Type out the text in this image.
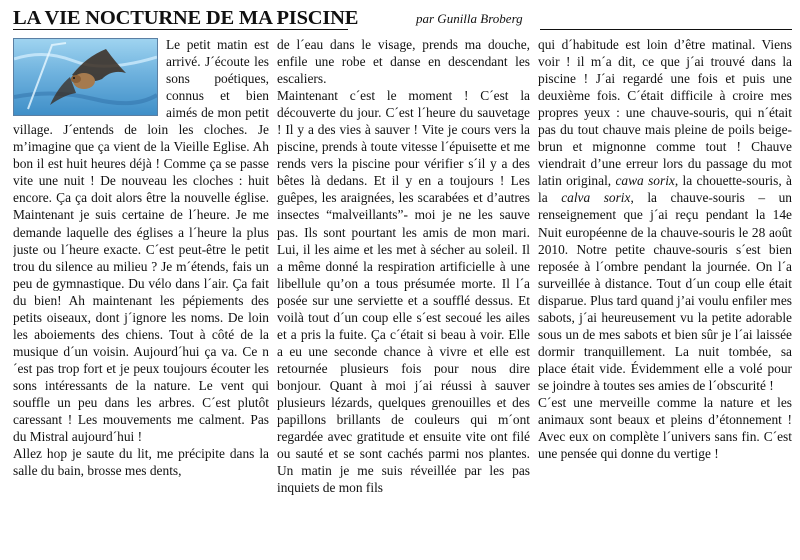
LA VIE NOCTURNE DE MA PISCINE	par Gunilla Broberg

Le petit matin est arrivé. J´écoute les sons poétiques, connus et bien aimés de mon petit village. J´entends de loin les cloches. Je m’imagine que ça vient de la Vieille Eglise. Ah bon il est huit heures déjà ! Comme ça se passe vite une nuit ! De nouveau les cloches : huit encore. Ça ça doit alors être la nouvelle église. Maintenant je suis certaine de l´heure. Je me demande laquelle des églises a l´heure la plus juste ou l´heure exacte. C´est peut-être le petit trou du silence au milieu ? Je m´étends, fais un peu de gymnastique. Du vélo dans l´air. Ça fait du bien! Ah maintenant les pépiements des petits oiseaux, dont j´ignore les noms. De loin les aboiements des chiens. Tout à côté de la musique d´un voisin. Aujourd´hui ça va. Ce n´est pas trop fort et je peux toujours écouter les sons intéressants de la nature. Le vent qui souffle un peu dans les arbres. C´est plutôt caressant ! Les mouvements me calment. Pas du Mistral aujourd´hui !

Allez hop je saute du lit, me précipite dans la salle du bain, brosse mes dents,

de l´eau dans le visage, prends ma douche, enfile une robe et danse en descendant les escaliers.

Maintenant c´est le moment ! C´est la découverte du jour. C´est l´heure du sauvetage ! Il y a des vies à sauver ! Vite je cours vers la piscine, prends à toute vitesse l´épuisette et me rends vers la piscine pour vérifier s´il y a des bêtes là dedans. Et il y en a toujours ! Les guêpes, les araignées, les scarabées et d’autres insectes “malveillants”- moi je ne les sauve pas. Ils sont pourtant les amis de mon mari. Lui, il les aime et les met à sécher au soleil. Il a même donné la respiration artificielle à une libellule qu’on a tous présumée morte. Il l´a posée sur une serviette et a soufflé dessus. Et voilà tout d´un coup elle s´est secoué les ailes et a pris la fuite. Ça c´était si beau à voir. Elle a eu une seconde chance à vivre et elle est retournée plusieurs fois pour nous dire bonjour. Quant à moi j´ai réussi à sauver plusieurs lézards, quelques grenouilles et des papillons brillants de couleurs qui m´ont regardée avec gratitude et ensuite vite ont filé ou sauté et se sont cachés parmi nos plantes. Un matin je me suis réveillée par les pas inquiets de mon fils

qui d´habitude est loin d’être matinal. Viens voir ! il m´a dit, ce que j´ai trouvé dans la piscine ! J´ai regardé une fois et puis une deuxième fois. C´était difficile à croire mes propres yeux : une chauve-souris, qui n´était pas du tout chauve mais pleine de poils beige-brun et mignonne comme tout ! Chauve viendrait d’une erreur lors du passage du mot latin original, cawa sorix, la chouette-souris, à la calva sorix, la chauve-souris – un renseignement que j´ai reçu pendant la 14e Nuit européenne de la chauve-souris le 28 août 2010. Notre petite chauve-souris s´est bien reposée à l´ombre pendant la journée. On l´a surveillée à distance. Tout d´un coup elle était disparue. Plus tard quand j’ai voulu enfiler mes sabots, j´ai heureusement vu la petite adorable sous un de mes sabots et bien sûr je l´ai laissée dormir tranquillement. La nuit tombée, sa place était vide. Évidemment elle a volé pour se joindre à toutes ses amies de l´obscurité !

C´est une merveille comme la nature et les animaux sont beaux et pleins d’étonnement ! Avec eux on complète l´univers sans fin. C´est une pensée qui donne du vertige !
